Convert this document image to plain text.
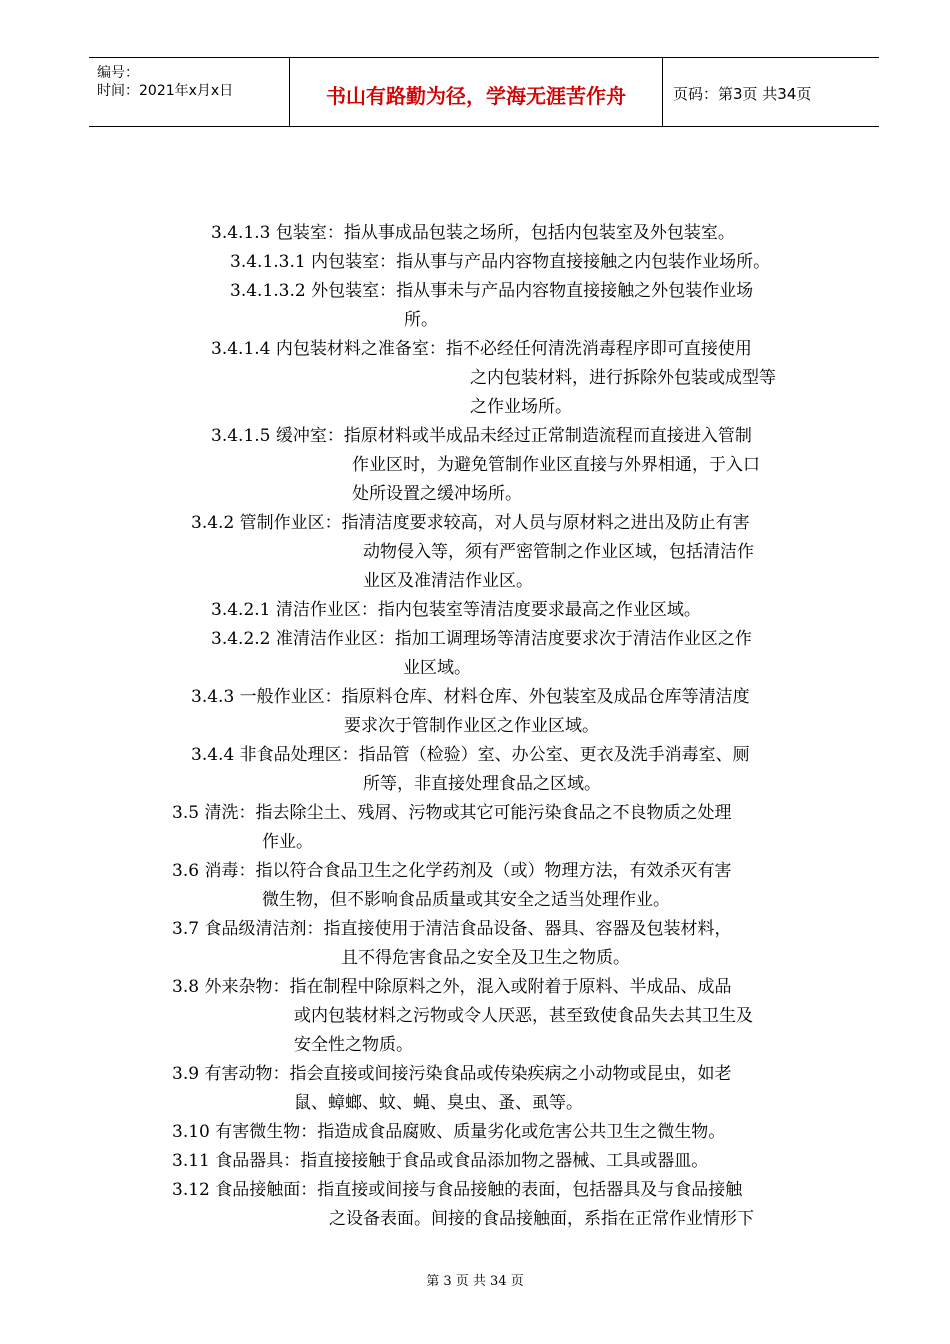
编号：
时间：2021年x月x日	书山有路勤为径，学海无涯苦作舟	页码：第3页 共34页
3.4.1.3 包装室：指从事成品包装之场所，包括内包装室及外包装室。
3.4.1.3.1 内包装室：指从事与产品内容物直接接触之内包装作业场所。
3.4.1.3.2 外包装室：指从事未与产品内容物直接接触之外包装作业场
所。
3.4.1.4 内包装材料之准备室：指不必经任何清洗消毒程序即可直接使用
之内包装材料，进行拆除外包装或成型等
之作业场所。
3.4.1.5 缓冲室：指原材料或半成品未经过正常制造流程而直接进入管制
作业区时，为避免管制作业区直接与外界相通，于入口
处所设置之缓冲场所。
3.4.2 管制作业区：指清洁度要求较高，对人员与原材料之进出及防止有害
动物侵入等，须有严密管制之作业区域，包括清洁作
业区及准清洁作业区。
3.4.2.1 清洁作业区：指内包装室等清洁度要求最高之作业区域。
3.4.2.2 准清洁作业区：指加工调理场等清洁度要求次于清洁作业区之作
业区域。
3.4.3 一般作业区：指原料仓库、材料仓库、外包装室及成品仓库等清洁度
要求次于管制作业区之作业区域。
3.4.4 非食品处理区：指品管（检验）室、办公室、更衣及洗手消毒室、厕
所等，非直接处理食品之区域。
3.5 清洗：指去除尘土、残屑、污物或其它可能污染食品之不良物质之处理
作业。
3.6 消毒：指以符合食品卫生之化学药剂及（或）物理方法，有效杀灭有害
微生物，但不影响食品质量或其安全之适当处理作业。
3.7 食品级清洁剂：指直接使用于清洁食品设备、器具、容器及包装材料，
且不得危害食品之安全及卫生之物质。
3.8 外来杂物：指在制程中除原料之外，混入或附着于原料、半成品、成品
或内包装材料之污物或令人厌恶，甚至致使食品失去其卫生及
安全性之物质。
3.9 有害动物：指会直接或间接污染食品或传染疾病之小动物或昆虫，如老
鼠、蟑螂、蚊、蝇、臭虫、蚤、虱等。
3.10 有害微生物：指造成食品腐败、质量劣化或危害公共卫生之微生物。
3.11 食品器具：指直接接触于食品或食品添加物之器械、工具或器皿。
3.12 食品接触面：指直接或间接与食品接触的表面，包括器具及与食品接触
之设备表面。间接的食品接触面，系指在正常作业情形下
第 3 页 共 34 页
